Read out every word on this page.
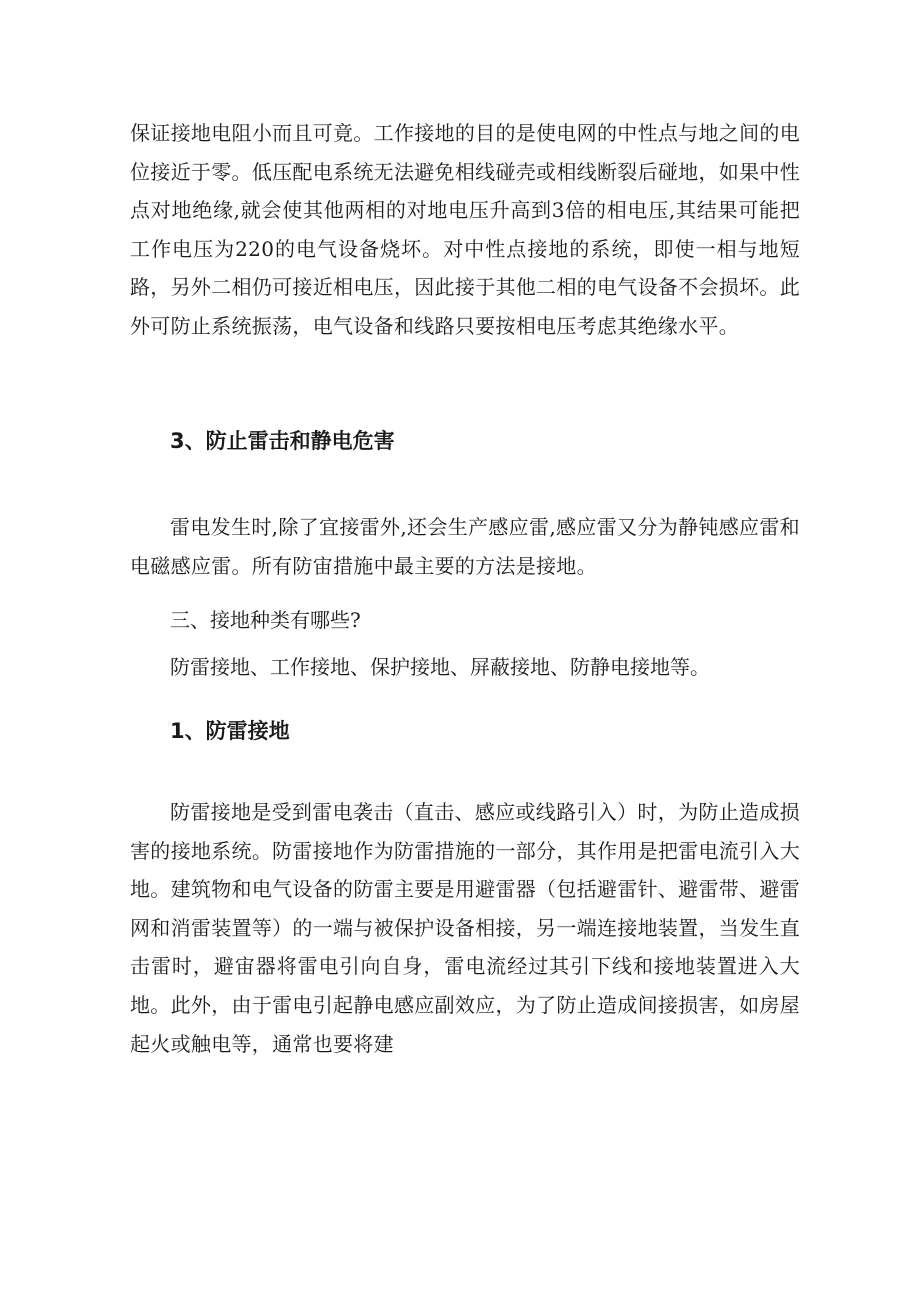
保证接地电阻小而且可竟。工作接地的目的是使电网的中性点与地之间的电位接近于零。低压配电系统无法避免相线碰壳或相线断裂后碰地，如果中性点对地绝缘,就会使其他两相的对地电压升高到3倍的相电压,其结果可能把工作电压为220的电气设备烧坏。对中性点接地的系统，即使一相与地短路，另外二相仍可接近相电压，因此接于其他二相的电气设备不会损坏。此外可防止系统振荡，电气设备和线路只要按相电压考虑其绝缘水平。

3、防止雷击和静电危害

雷电发生时,除了宜接雷外,还会生产感应雷,感应雷又分为静钝感应雷和电磁感应雷。所有防宙措施中最主要的方法是接地。

三、接地种类有哪些?

防雷接地、工作接地、保护接地、屏蔽接地、防静电接地等。

1、防雷接地

防雷接地是受到雷电袭击（直击、感应或线路引入）时，为防止造成损害的接地系统。防雷接地作为防雷措施的一部分，其作用是把雷电流引入大地。建筑物和电气设备的防雷主要是用避雷器（包括避雷针、避雷带、避雷网和消雷装置等）的一端与被保护设备相接，另一端连接地装置，当发生直击雷时，避宙器将雷电引向自身，雷电流经过其引下线和接地装置进入大地。此外，由于雷电引起静电感应副效应，为了防止造成间接损害，如房屋起火或触电等，通常也要将建
